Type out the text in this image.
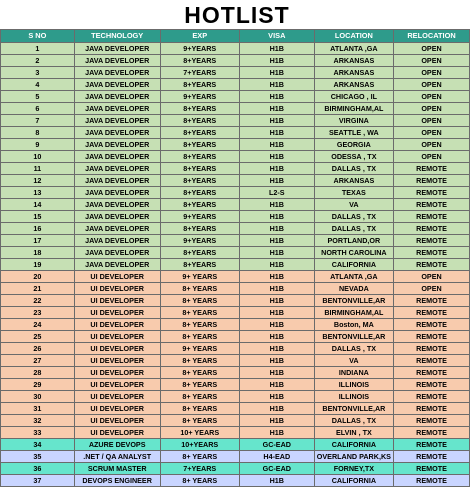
HOTLIST
S NO	TECHNOLOGY	EXP	VISA	LOCATION	RELOCATION
1	JAVA DEVELOPER	9+YEARS	H1B	ATLANTA ,GA	OPEN
2	JAVA DEVELOPER	8+YEARS	H1B	ARKANSAS	OPEN
3	JAVA DEVELOPER	7+YEARS	H1B	ARKANSAS	OPEN
4	JAVA DEVELOPER	8+YEARS	H1B	ARKANSAS	OPEN
5	JAVA DEVELOPER	9+YEARS	H1B	CHICAGO , IL	OPEN
6	JAVA DEVELOPER	8+YEARS	H1B	BIRMINGHAM,AL	OPEN
7	JAVA DEVELOPER	8+YEARS	H1B	VIRGINA	OPEN
8	JAVA DEVELOPER	8+YEARS	H1B	SEATTLE , WA	OPEN
9	JAVA DEVELOPER	8+YEARS	H1B	GEORGIA	OPEN
10	JAVA DEVELOPER	8+YEARS	H1B	ODESSA , TX	OPEN
11	JAVA DEVELOPER	8+YEARS	H1B	DALLAS , TX	REMOTE
12	JAVA DEVELOPER	8+YEARS	H1B	ARKANSAS	REMOTE
13	JAVA DEVELOPER	8+YEARS	L2-S	TEXAS	REMOTE
14	JAVA DEVELOPER	8+YEARS	H1B	VA	REMOTE
15	JAVA DEVELOPER	9+YEARS	H1B	DALLAS , TX	REMOTE
16	JAVA DEVELOPER	8+YEARS	H1B	DALLAS , TX	REMOTE
17	JAVA DEVELOPER	9+YEARS	H1B	PORTLAND,OR	REMOTE
18	JAVA DEVELOPER	8+YEARS	H1B	NORTH CAROLINA	REMOTE
19	JAVA DEVELOPER	8+YEARS	H1B	CALIFORNIA	REMOTE
20	UI DEVELOPER	9+ YEARS	H1B	ATLANTA ,GA	OPEN
21	UI DEVELOPER	8+ YEARS	H1B	NEVADA	OPEN
22	UI DEVELOPER	8+ YEARS	H1B	BENTONVILLE,AR	REMOTE
23	UI DEVELOPER	8+ YEARS	H1B	BIRMINGHAM,AL	REMOTE
24	UI DEVELOPER	8+ YEARS	H1B	Boston, MA	REMOTE
25	UI DEVELOPER	8+ YEARS	H1B	BENTONVILLE,AR	REMOTE
26	UI DEVELOPER	9+ YEARS	H1B	DALLAS , TX	REMOTE
27	UI DEVELOPER	8+ YEARS	H1B	VA	REMOTE
28	UI DEVELOPER	8+ YEARS	H1B	INDIANA	REMOTE
29	UI DEVELOPER	8+ YEARS	H1B	ILLINOIS	REMOTE
30	UI DEVELOPER	8+ YEARS	H1B	ILLINOIS	REMOTE
31	UI DEVELOPER	8+ YEARS	H1B	BENTONVILLE,AR	REMOTE
32	UI DEVELOPER	8+ YEARS	H1B	DALLAS , TX	REMOTE
33	UI DEVELOPER	10+ YEARS	H1B	ELVIN , TX	REMOTE
34	AZURE DEVOPS	10+YEARS	GC-EAD	CALIFORNIA	REMOTE
35	.NET / QA ANALYST	8+ YEARS	H4-EAD	OVERLAND PARK,KS	REMOTE
36	SCRUM MASTER	7+YEARS	GC-EAD	FORNEY,TX	REMOTE
37	DEVOPS ENGINEER	8+ YEARS	H1B	CALIFORNIA	REMOTE
